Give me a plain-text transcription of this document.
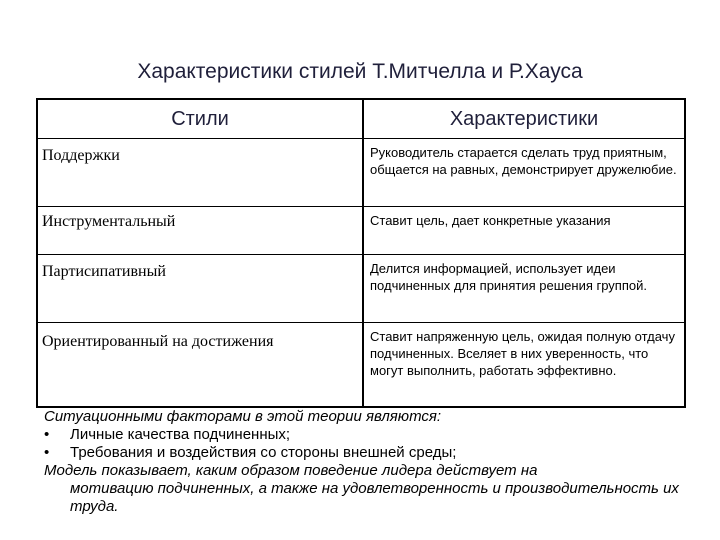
Характеристики стилей Т.Митчелла и Р.Хауса
Стили	Характеристики
Поддержки	Руководитель старается сделать труд приятным, общается на равных, демонстрирует дружелюбие.
Инструментальный	Ставит цель, дает конкретные указания
Партисипативный	Делится информацией, использует идеи подчиненных для принятия решения группой.
Ориентированный на достижения	Ставит напряженную цель, ожидая полную отдачу подчиненных. Вселяет в них уверенность, что могут выполнить, работать эффективно.
Ситуационными факторами в этой теории являются:
•	Личные качества подчиненных;
•	Требования и воздействия со стороны внешней среды;
Модель показывает, каким образом поведение лидера действует на
мотивацию подчиненных, а также на удовлетворенность и производительность их труда.
